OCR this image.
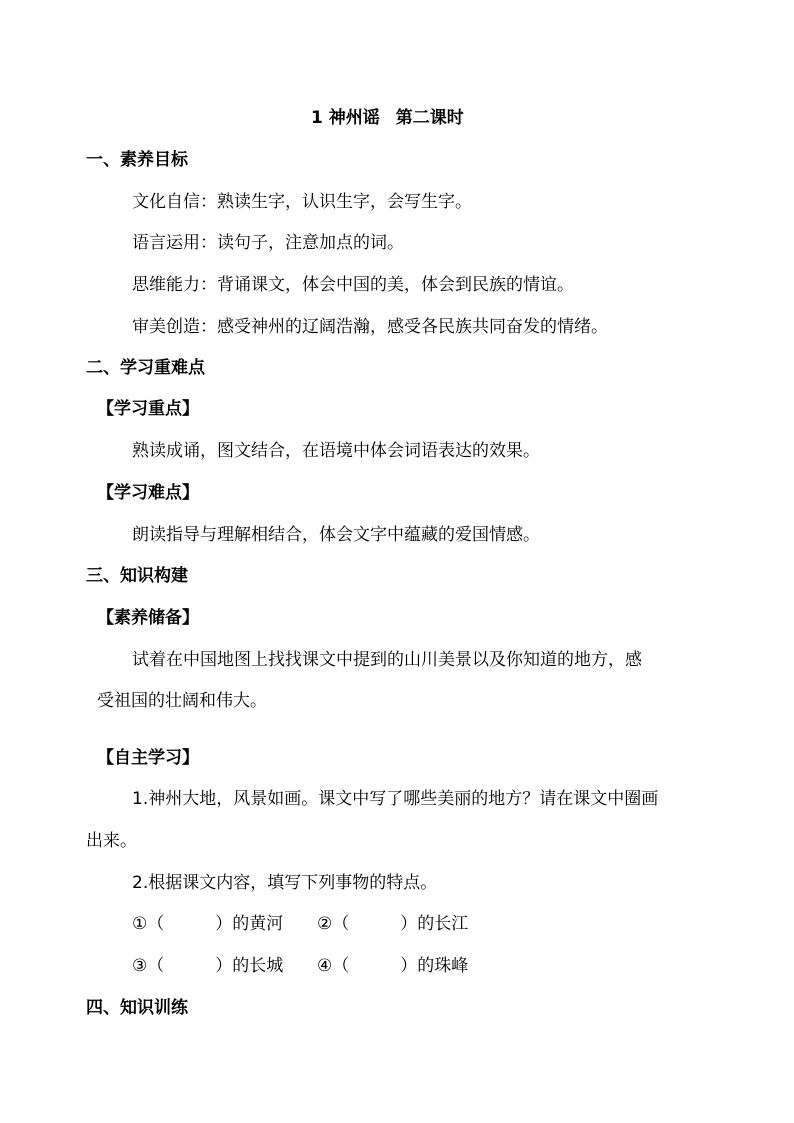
1 神州谣 第二课时
一、素养目标
文化自信：熟读生字，认识生字，会写生字。
语言运用：读句子，注意加点的词。
思维能力：背诵课文，体会中国的美，体会到民族的情谊。
审美创造：感受神州的辽阔浩瀚，感受各民族共同奋发的情绪。
二、学习重难点
【学习重点】
熟读成诵，图文结合，在语境中体会词语表达的效果。
【学习难点】
朗读指导与理解相结合，体会文字中蕴藏的爱国情感。
三、知识构建
【素养储备】
试着在中国地图上找找课文中提到的山川美景以及你知道的地方，感
受祖国的壮阔和伟大。
【自主学习】
1.神州大地，风景如画。课文中写了哪些美丽的地方？请在课文中圈画
出来。
2.根据课文内容，填写下列事物的特点。
①（　　　）的黄河 ②（　　　）的长江
③（　　　）的长城 ④（　　　）的珠峰
四、知识训练
